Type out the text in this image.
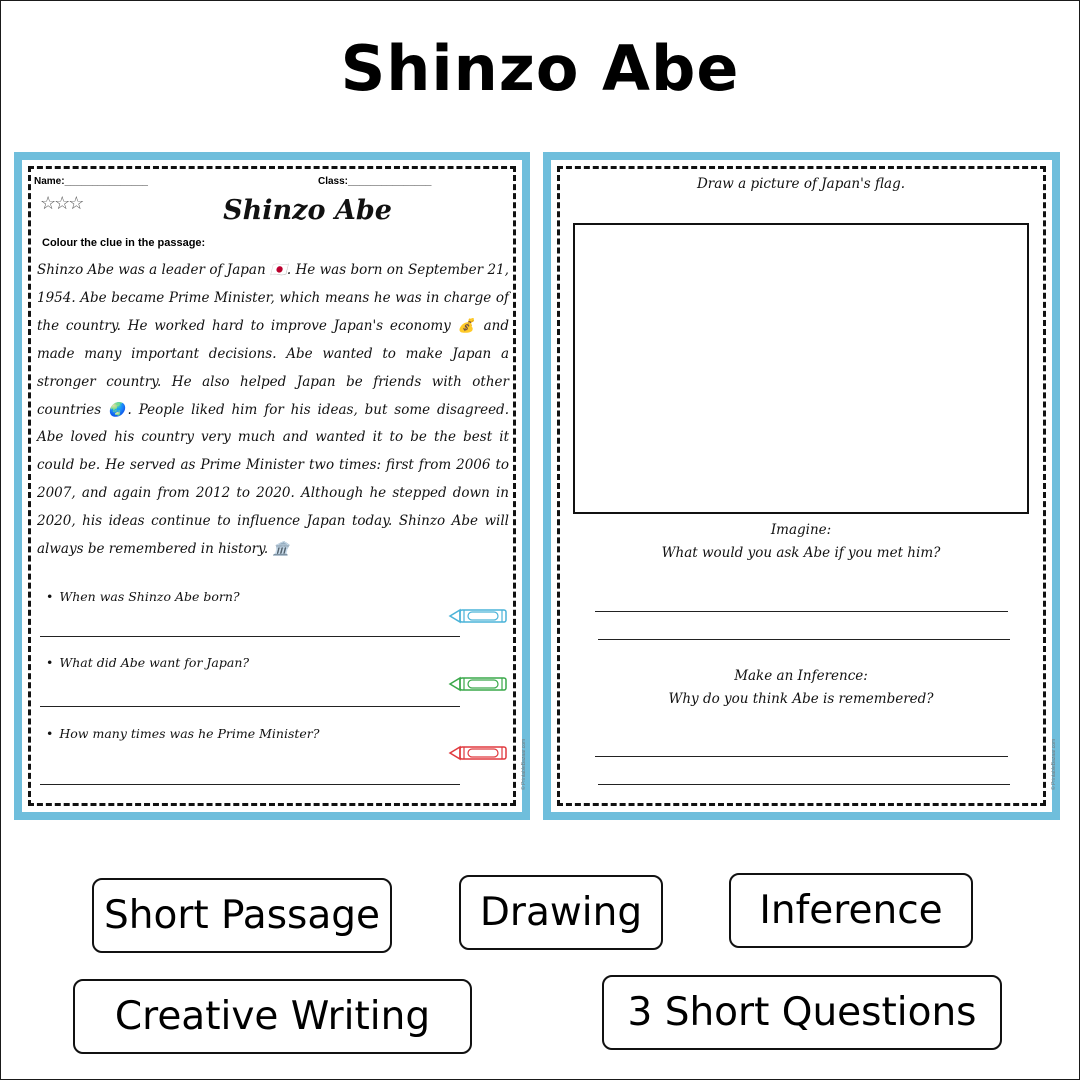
Shinzo Abe
Name:_______________	Class:_______________
☆☆☆	Shinzo Abe
Colour the clue in the passage:
Shinzo Abe was a leader of Japan 🇯🇵. He was born on September 21, 1954. Abe became Prime Minister, which means he was in charge of the country. He worked hard to improve Japan's economy 💰 and made many important decisions. Abe wanted to make Japan a stronger country. He also helped Japan be friends with other countries 🌏. People liked him for his ideas, but some disagreed. Abe loved his country very much and wanted it to be the best it could be. He served as Prime Minister two times: first from 2006 to 2007, and again from 2012 to 2020. Although he stepped down in 2020, his ideas continue to influence Japan today. Shinzo Abe will always be remembered in history. 🏛️
• When was Shinzo Abe born?
• What did Abe want for Japan?
• How many times was he Prime Minister?
© PrintableBazaar.com
Draw a picture of Japan's flag.
Imagine:
What would you ask Abe if you met him?
Make an Inference:
Why do you think Abe is remembered?
© PrintableBazaar.com
Short Passage	Drawing	Inference
Creative Writing	3 Short Questions
